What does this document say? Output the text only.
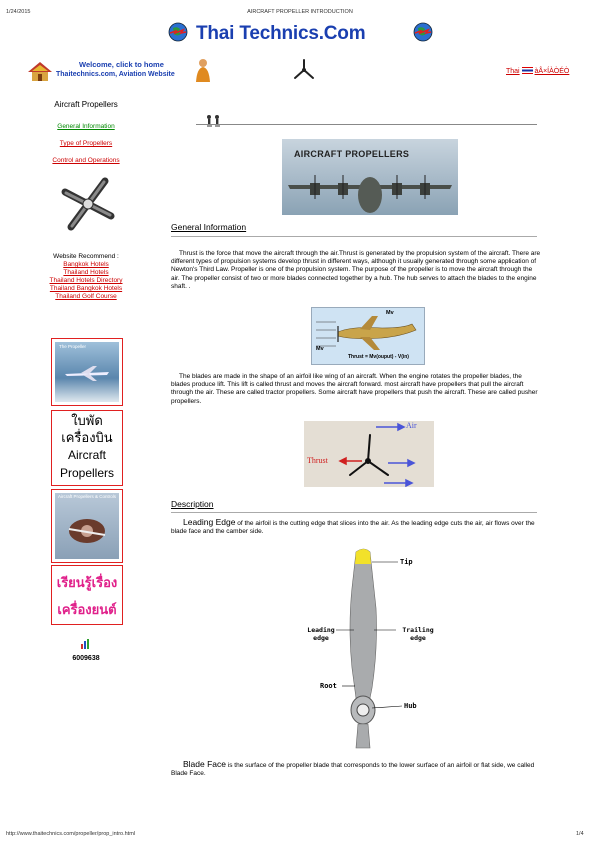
1/24/2015	AIRCRAFT PROPELLER INTRODUCTION
Thai Technics.Com
Welcome, click to home
Thaitechnics.com, Aviation Website	Thai àÂ×ÍÀÒÉÒ
Aircraft Propellers
General Information
Type of Propellers
Control and Operations
Website Recommend :
Bangkok Hotels
Thailand Hotels
Thailand Hotels Directory
Thailand Bangkok Hotels
Thailand Golf Course
The Propeller
ใบพัด
เครื่องบิน
Aircraft
Propellers
Aircraft Propellers & Controls
เรียนรู้เรื่อง
เครื่องยนต์
6009638
AIRCRAFT PROPELLERS
General Information
Thrust is the force that move the aircraft through the air.Thrust is generated by the propulsion system of the aircraft. There are different types of propulsion systems develop thrust in different ways, although it usually generated through some application of Newton's Third Law. Propeller is one of the propulsion system. The purpose of the propeller is to move the aircraft through the air. The propeller consist of two or more blades connected together by a hub. The hub serves to attach the blades to the engine shaft. .
Mv
Mv
Thrust = Mv(ouput) - V(in)
The blades are made in the shape of an airfoil like wing of an aircraft. When the engine rotates the propeller blades, the blades produce lift. This lift is called thrust and moves the aircraft forward. most aircraft have propellers that pull the aircraft through the air. These are called tractor propellers. Some aircraft have propellers that push the aircraft. These are called pusher propellers.
Air
Thrust
Description
Leading Edge of the airfoil is the cutting edge that slices into the air. As the leading edge cuts the air, air flows over the blade face and the camber side.
Tip
Leading
edge
Trailing
edge
Root
Hub
Blade Face is the surface of the propeller blade that corresponds to the lower surface of an airfoil or flat side, we called Blade Face.
http://www.thaitechnics.com/propeller/prop_intro.html	1/4
